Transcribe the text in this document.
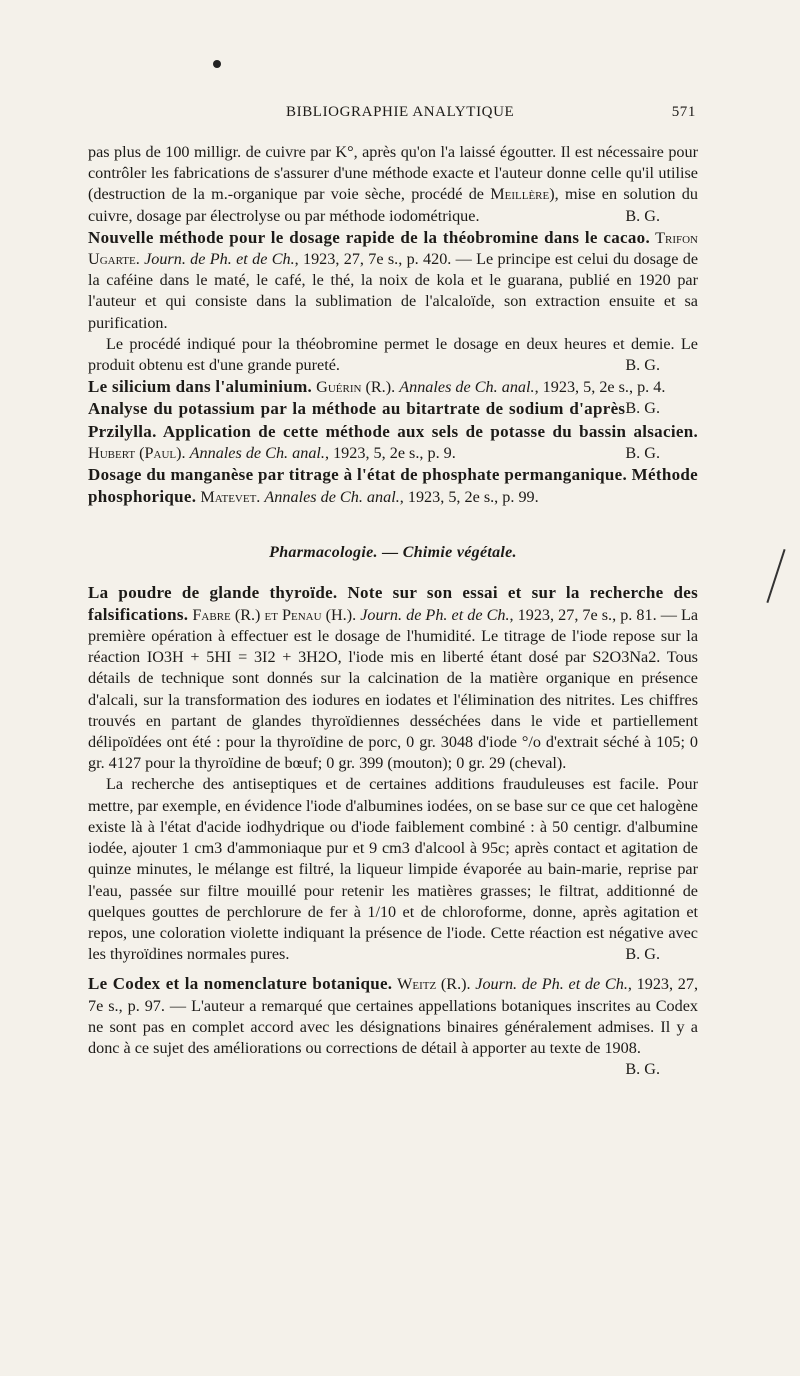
BIBLIOGRAPHIE ANALYTIQUE	571

pas plus de 100 milligr. de cuivre par K°, après qu'on l'a laissé égoutter. Il est nécessaire pour contrôler les fabrications de s'assurer d'une méthode exacte et l'auteur donne celle qu'il utilise (destruction de la m.-organique par voie sèche, procédé de Meillère), mise en solution du cuivre, dosage par électrolyse ou par méthode iodométrique.	B. G.

Nouvelle méthode pour le dosage rapide de la théobromine dans le cacao. Trifon Ugarte. Journ. de Ph. et de Ch., 1923, 27, 7e s., p. 420. — Le principe est celui du dosage de la caféine dans le maté, le café, le thé, la noix de kola et le guarana, publié en 1920 par l'auteur et qui consiste dans la sublimation de l'alcaloïde, son extraction ensuite et sa purification.

Le procédé indiqué pour la théobromine permet le dosage en deux heures et demie. Le produit obtenu est d'une grande pureté.	B. G.

Le silicium dans l'aluminium. Guérin (R.). Annales de Ch. anal., 1923, 5, 2e s., p. 4.
B. G.

Analyse du potassium par la méthode au bitartrate de sodium d'après Przilylla. Application de cette méthode aux sels de potasse du bassin alsacien. Hubert (Paul). Annales de Ch. anal., 1923, 5, 2e s., p. 9.	B. G.

Dosage du manganèse par titrage à l'état de phosphate permanganique. Méthode phosphorique. Matevet. Annales de Ch. anal., 1923, 5, 2e s., p. 99.

Pharmacologie. — Chimie végétale.

La poudre de glande thyroïde. Note sur son essai et sur la recherche des falsifications. Fabre (R.) et Penau (H.). Journ. de Ph. et de Ch., 1923, 27, 7e s., p. 81. — La première opération à effectuer est le dosage de l'humidité. Le titrage de l'iode repose sur la réaction IO3H + 5HI = 3I2 + 3H2O, l'iode mis en liberté étant dosé par S2O3Na2. Tous détails de technique sont donnés sur la calcination de la matière organique en présence d'alcali, sur la transformation des iodures en iodates et l'élimination des nitrites. Les chiffres trouvés en partant de glandes thyroïdiennes desséchées dans le vide et partiellement délipoïdées ont été : pour la thyroïdine de porc, 0 gr. 3048 d'iode °/o d'extrait séché à 105; 0 gr. 4127 pour la thyroïdine de bœuf; 0 gr. 399 (mouton); 0 gr. 29 (cheval).

La recherche des antiseptiques et de certaines additions frauduleuses est facile. Pour mettre, par exemple, en évidence l'iode d'albumines iodées, on se base sur ce que cet halogène existe là à l'état d'acide iodhydrique ou d'iode faiblement combiné : à 50 centigr. d'albumine iodée, ajouter 1 cm3 d'ammoniaque pur et 9 cm3 d'alcool à 95c; après contact et agitation de quinze minutes, le mélange est filtré, la liqueur limpide évaporée au bain-marie, reprise par l'eau, passée sur filtre mouillé pour retenir les matières grasses; le filtrat, additionné de quelques gouttes de perchlorure de fer à 1/10 et de chloroforme, donne, après agitation et repos, une coloration violette indiquant la présence de l'iode. Cette réaction est négative avec les thyroïdines normales pures.	B. G.

Le Codex et la nomenclature botanique. Weitz (R.). Journ. de Ph. et de Ch., 1923, 27, 7e s., p. 97. — L'auteur a remarqué que certaines appellations botaniques inscrites au Codex ne sont pas en complet accord avec les désignations binaires généralement admises. Il y a donc à ce sujet des améliorations ou corrections de détail à apporter au texte de 1908.
B. G.
